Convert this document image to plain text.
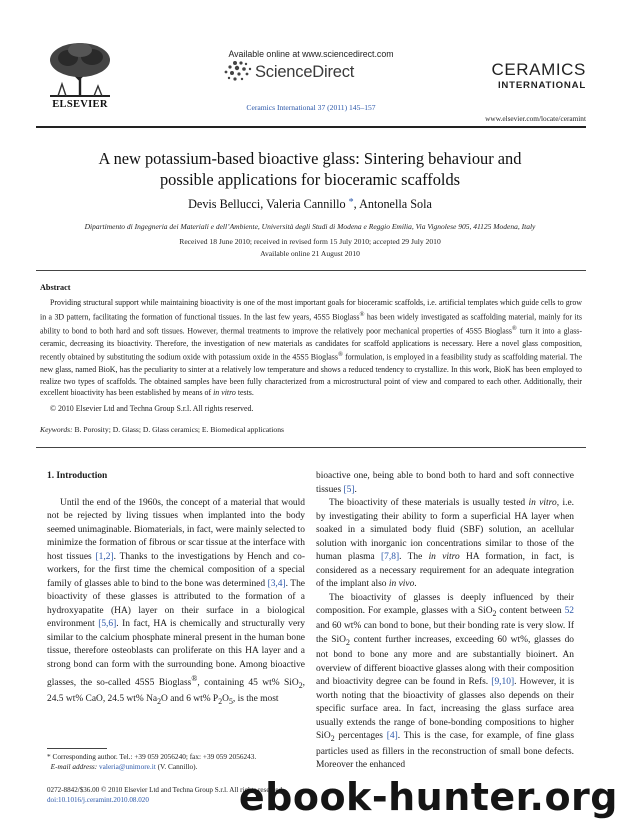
ELSEVIER
Available online at www.sciencedirect.com
ScienceDirect
Ceramics International 37 (2011) 145–157
CERAMICS
INTERNATIONAL
www.elsevier.com/locate/ceramint
A new potassium-based bioactive glass: Sintering behaviour and
possible applications for bioceramic scaffolds
Devis Bellucci, Valeria Cannillo *, Antonella Sola
Dipartimento di Ingegneria dei Materiali e dell’Ambiente, Università degli Studi di Modena e Reggio Emilia, Via Vignolese 905, 41125 Modena, Italy
Received 18 June 2010; received in revised form 15 July 2010; accepted 29 July 2010
Available online 21 August 2010
Abstract
Providing structural support while maintaining bioactivity is one of the most important goals for bioceramic scaffolds, i.e. artificial templates which guide cells to grow in a 3D pattern, facilitating the formation of functional tissues. In the last few years, 45S5 Bioglass® has been widely investigated as scaffolding material, mainly for its ability to bond to both hard and soft tissues. However, thermal treatments to improve the relatively poor mechanical properties of 45S5 Bioglass® turn it into a glass-ceramic, decreasing its bioactivity. Therefore, the investigation of new materials as candidates for scaffold applications is necessary. Here a novel glass composition, recently obtained by substituting the sodium oxide with potassium oxide in the 45S5 Bioglass® formulation, is employed in a feasibility study as scaffolding material. The new glass, named BioK, has the peculiarity to sinter at a relatively low temperature and shows a reduced tendency to crystallize. In this work, BioK has been employed to realize two types of scaffolds. The obtained samples have been fully characterized from a microstructural point of view and compared to each other. Additionally, their excellent bioactivity has been established by means of in vitro tests.
© 2010 Elsevier Ltd and Techna Group S.r.l. All rights reserved.
Keywords: B. Porosity; D. Glass; D. Glass ceramics; E. Biomedical applications
1. Introduction

Until the end of the 1960s, the concept of a material that would not be rejected by living tissues when implanted into the body seemed unimaginable. Biomaterials, in fact, were mainly selected to minimize the formation of fibrous or scar tissue at the interface with host tissues [1,2]. Thanks to the investigations by Hench and co-workers, for the first time the chemical composition of a special family of glasses able to bind to the bone was determined [3,4]. The bioactivity of these glasses is attributed to the formation of a hydroxyapatite (HA) layer on their surface in a biological environment [5,6]. In fact, HA is chemically and structurally very similar to the calcium phosphate mineral present in the human bone tissue, therefore osteoblasts can proliferate on this HA layer and a strong bond can form with the surrounding bone. Among bioactive glasses, the so-called 45S5 Bioglass®, containing 45 wt% SiO$_2$, 24.5 wt% CaO, 24.5 wt% $Na_2O$ and 6 wt% $P_2O_5$, is the most

bioactive one, being able to bond both to hard and soft connective tissues [5].

The bioactivity of these materials is usually tested in vitro, i.e. by investigating their ability to form a superficial HA layer when soaked in a simulated body fluid (SBF) solution, an acellular solution with inorganic ion concentrations similar to those of the human plasma [7,8]. The in vitro HA formation, in fact, is considered as a necessary requirement for an adequate integration of the implant also in vivo.

The bioactivity of glasses is deeply influenced by their composition. For example, glasses with a SiO$_2$ content between 52 and 60 wt% can bond to bone, but their bonding rate is very slow. If the SiO$_2$ content further increases, exceeding 60 wt%, glasses do not bond to bone any more and are substantially bioinert. An overview of different bioactive glasses along with their composition and bioactivity degree can be found in Refs. [9,10]. However, it is worth noting that the bioactivity of glasses also depends on their specific surface area. In fact, increasing the glass surface area usually extends the range of bone-bonding compositions to higher SiO$_2$ percentages [4]. This is the case, for example, of fine glass particles used as fillers in the reconstruction of small bone defects. Moreover the enhanced

* Corresponding author. Tel.: +39 059 2056240; fax: +39 059 2056243.
E-mail address: valeria@unimore.it (V. Cannillo).
0272-8842/$36.00 © 2010 Elsevier Ltd and Techna Group S.r.l. All rights reserved.
doi:10.1016/j.ceramint.2010.08.020	ebook-hunter.org
